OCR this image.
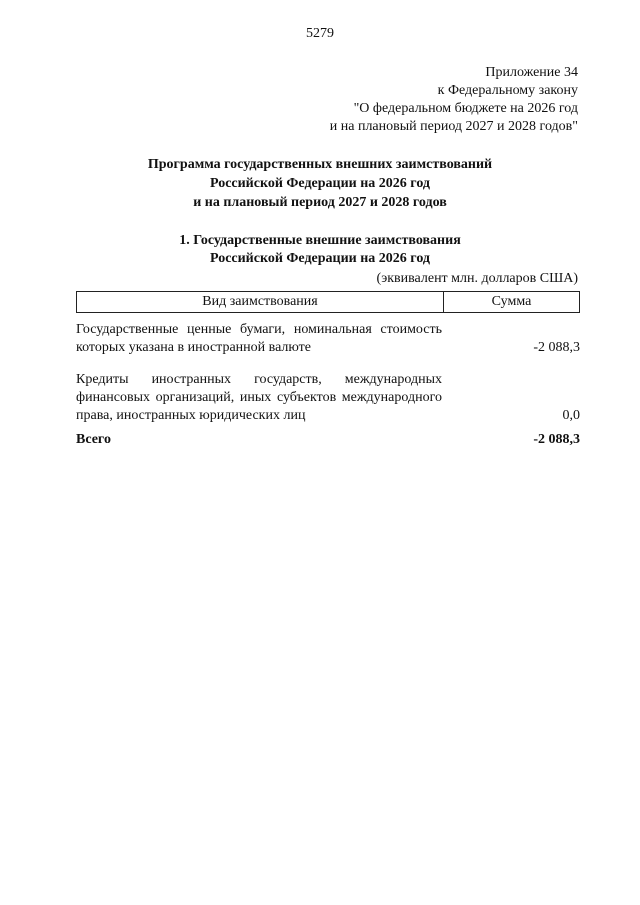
5279
Приложение 34
к Федеральному закону
"О федеральном бюджете на 2026 год
и на плановый период 2027 и 2028 годов"
Программа государственных внешних заимствований
Российской Федерации на 2026 год
и на плановый период 2027 и 2028 годов
1. Государственные внешние заимствования
Российской Федерации на 2026 год
(эквивалент млн. долларов США)
Вид заимствования	Сумма
Государственные ценные бумаги, номинальная стоимость которых указана в иностранной валюте	-2 088,3
Кредиты иностранных государств, международных финансовых организаций, иных субъектов международного права, иностранных юридических лиц	0,0
Всего	-2 088,3
